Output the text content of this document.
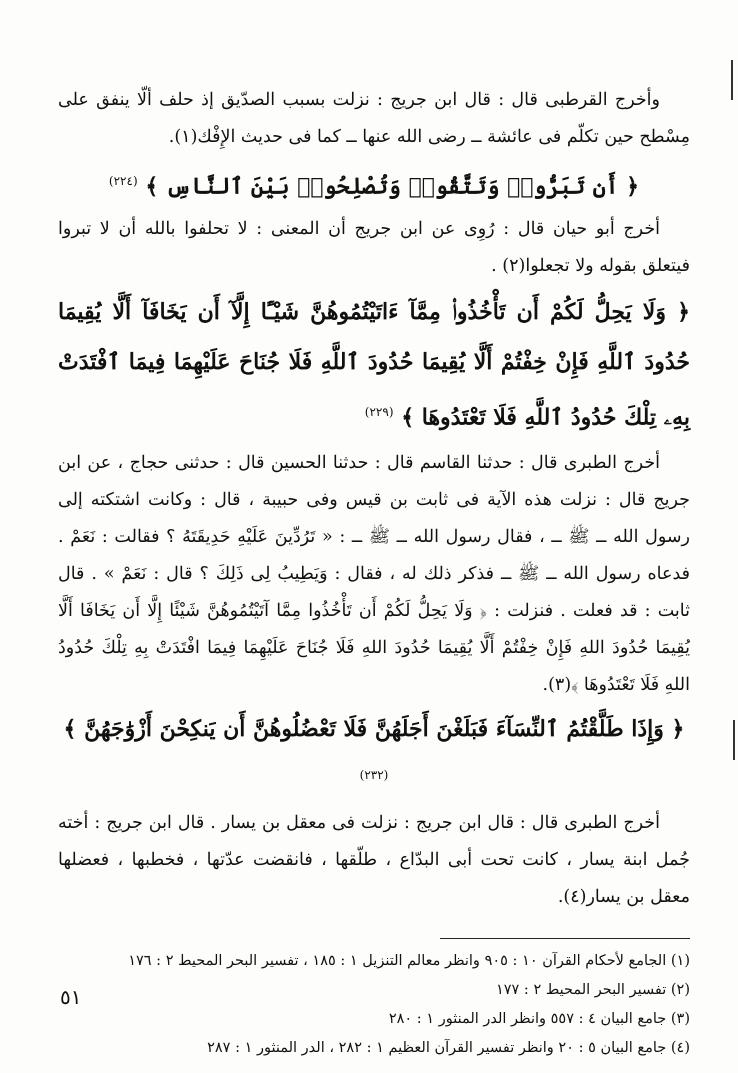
وأخرج القرطبى قال : قال ابن جريج : نزلت بسبب الصدّيق إذ حلف ألّا ينفق على مِسْطح حين تكلّم فى عائشة ــ رضى الله عنها ــ كما فى حديث الإِفْك(١).

﴿ أَن تَبَرُّوا۟ وَتَتَّقُوا۟ وَتُصْلِحُوا۟ بَيْنَ ٱلنَّاسِ ﴾ $^{(٢٢٤)}$

أخرج أبو حيان قال : رُوِى عن ابن جريج أن المعنى : لا تحلفوا بالله أن لا تبروا فيتعلق بقوله ولا تجعلوا(٢) .

﴿ وَلَا يَحِلُّ لَكُمْ أَن تَأْخُذُوا۟ مِمَّآ ءَاتَيْتُمُوهُنَّ شَيْـًٔا إِلَّآ أَن يَخَافَآ أَلَّا يُقِيمَا حُدُودَ ٱللَّهِ فَإِنْ خِفْتُمْ أَلَّا يُقِيمَا حُدُودَ ٱللَّهِ فَلَا جُنَاحَ عَلَيْهِمَا فِيمَا ٱفْتَدَتْ بِهِۦ تِلْكَ حُدُودُ ٱللَّهِ فَلَا تَعْتَدُوهَا ﴾ $^{(٢٢٩)}$

أخرج الطبرى قال : حدثنا القاسم قال : حدثنا الحسين قال : حدثنى حجاج ، عن ابن جريج قال : نزلت هذه الآية فى ثابت بن قيس وفى حبيبة ، قال : وكانت اشتكته إلى رسول الله ــ ﷺ ــ ، فقال رسول الله ــ ﷺ ــ : « تَرُدِّينَ عَلَيْهِ حَدِيقَتَهُ ؟ فقالت : نَعَمْ . فدعاه رسول الله ــ ﷺ ــ فذكر ذلك له ، فقال : وَيَطِيبُ لِى ذَلِكَ ؟ قال : نَعَمْ » . قال ثابت : قد فعلت . فنزلت : ﴿ وَلَا يَحِلُّ لَكُمْ أَن تَأْخُذُوا مِمَّا آتَيْتُمُوهُنَّ شَيْئًا إِلَّا أَن يَخَافَا أَلَّا يُقِيمَا حُدُودَ اللهِ فَإِنْ خِفْتُمْ أَلَّا يُقِيمَا حُدُودَ اللهِ فَلَا جُنَاحَ عَلَيْهِمَا فِيمَا افْتَدَتْ بِهِ تِلْكَ حُدُودُ اللهِ فَلَا تَعْتَدُوهَا ﴾(٣).

﴿ وَإِذَا طَلَّقْتُمُ ٱلنِّسَآءَ فَبَلَغْنَ أَجَلَهُنَّ فَلَا تَعْضُلُوهُنَّ أَن يَنكِحْنَ أَزْوَٰجَهُنَّ ﴾ $^{(٢٣٢)}$

أخرج الطبرى قال : قال ابن جريج : نزلت فى معقل بن يسار . قال ابن جريج : أخته جُمل ابنة يسار ، كانت تحت أبى البدّاع ، طلّقها ، فانقضت عدّتها ، فخطبها ، فعضلها معقل بن يسار(٤).

(١) الجامع لأحكام القرآن ١٠ : ٩٠٥ وانظر معالم التنزيل ١ : ١٨٥ ، تفسير البحر المحيط ٢ : ١٧٦

(٢) تفسير البحر المحيط ٢ : ١٧٧

(٣) جامع البيان ٤ : ٥٥٧ وانظر الدر المنثور ١ : ٢٨٠

(٤) جامع البيان ٥ : ٢٠ وانظر تفسير القرآن العظيم ١ : ٢٨٢ ، الدر المنثور ١ : ٢٨٧

٥١
